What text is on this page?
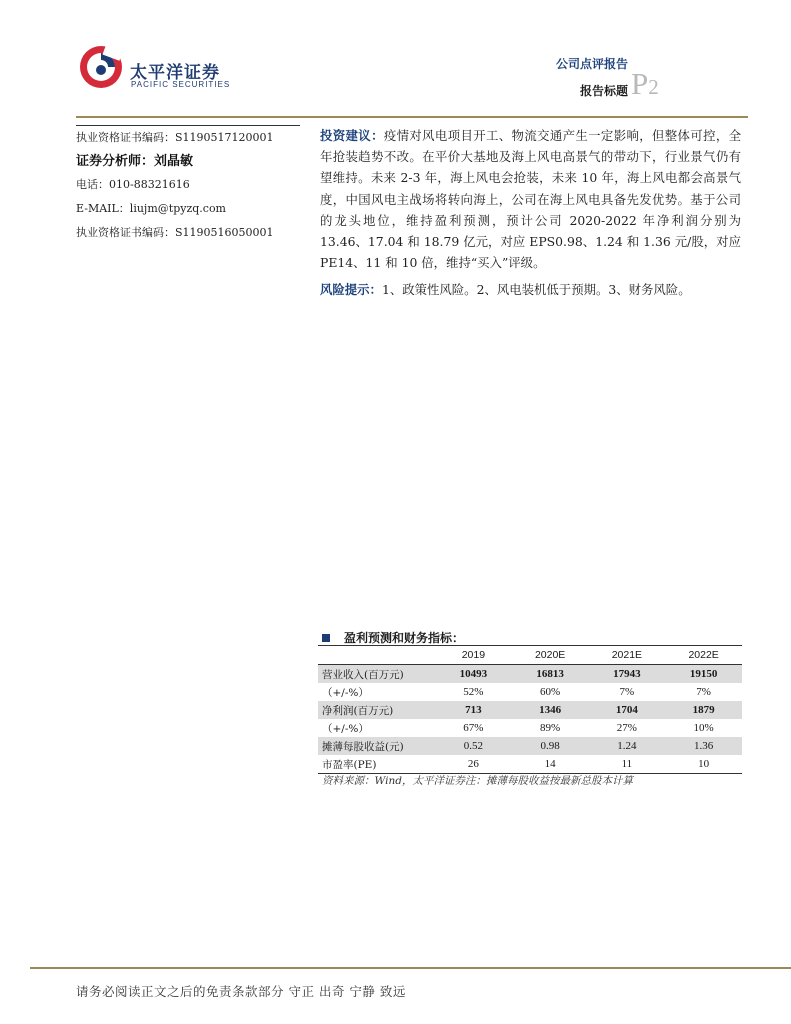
太平洋证券
PACIFIC SECURITIES
公司点评报告
报告标题 P2
执业资格证书编码：S1190517120001
证券分析师：刘晶敏
电话：010-88321616
E-MAIL：liujm@tpyzq.com
执业资格证书编码：S1190516050001

投资建议：疫情对风电项目开工、物流交通产生一定影响，但整体可控，全年抢装趋势不改。在平价大基地及海上风电高景气的带动下，行业景气仍有望维持。未来 2-3 年，海上风电会抢装，未来 10 年，海上风电都会高景气度，中国风电主战场将转向海上，公司在海上风电具备先发优势。基于公司的龙头地位，维持盈利预测，预计公司 2020-2022 年净利润分别为 13.46、17.04 和 18.79 亿元，对应 EPS0.98、1.24 和 1.36 元/股，对应 PE14、11 和 10 倍，维持“买入”评级。

风险提示：1、政策性风险。2、风电装机低于预期。3、财务风险。

盈利预测和财务指标：
	2019	2020E	2021E	2022E
营业收入(百万元)	10493	16813	17943	19150
（+/-%）	52%	60%	7%	7%
净利润(百万元)	713	1346	1704	1879
（+/-%）	67%	89%	27%	10%
摊薄每股收益(元)	0.52	0.98	1.24	1.36
市盈率(PE)	26	14	11	10
资料来源：Wind，太平洋证券注：摊薄每股收益按最新总股本计算
请务必阅读正文之后的免责条款部分 守正 出奇 宁静 致远
